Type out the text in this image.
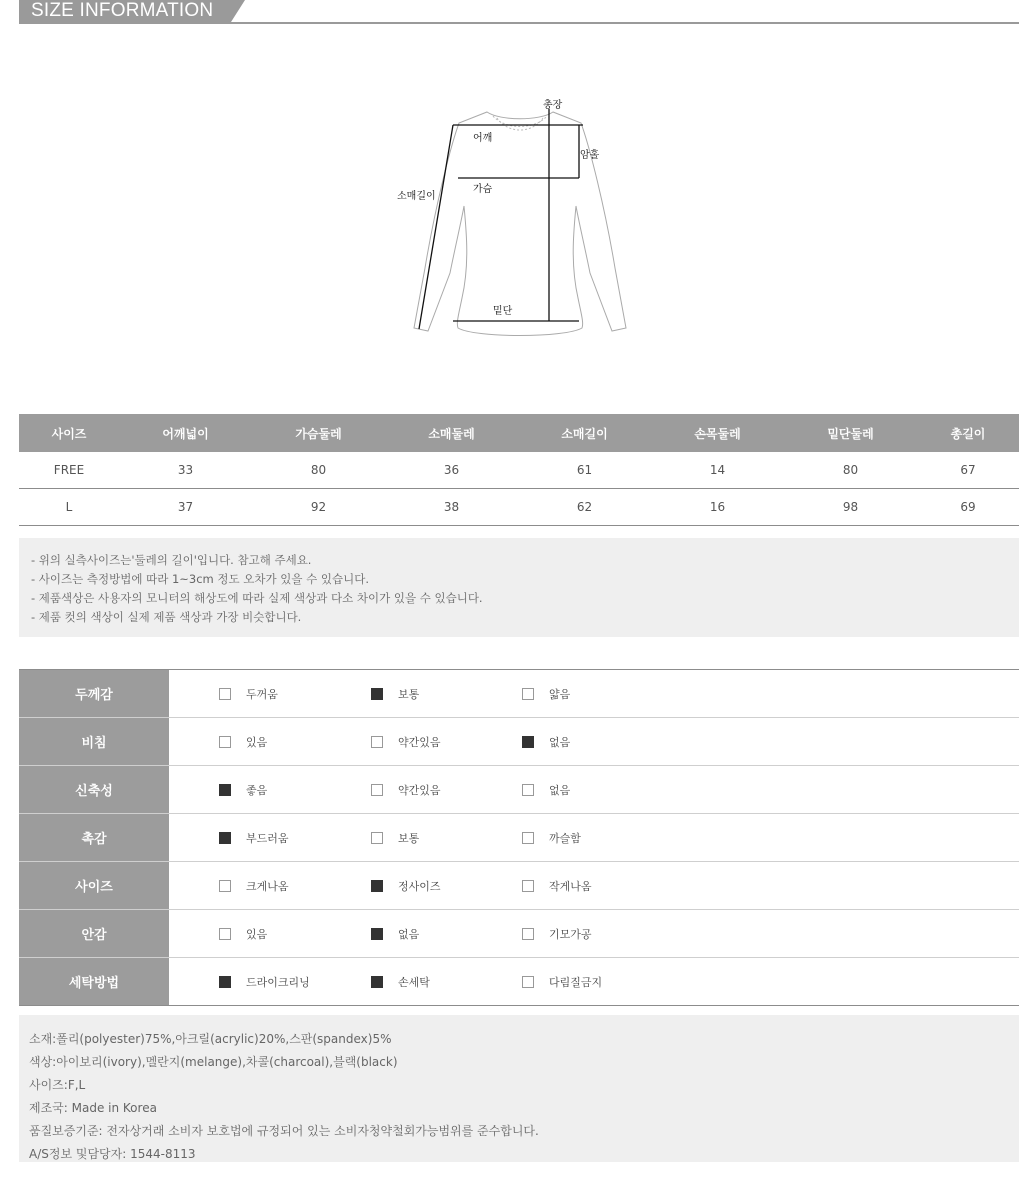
SIZE INFORMATION
총장
어깨
암홀
소매길이
가슴
밑단
사이즈	어깨넓이	가슴둘레	소매둘레	소매길이	손목둘레	밑단둘레	총길이
FREE	33	80	36	61	14	80	67
L	37	92	38	62	16	98	69
- 위의 실측사이즈는'둘레의 길이'입니다. 참고해 주세요.
- 사이즈는 측정방법에 따라 1~3cm 정도 오차가 있을 수 있습니다.
- 제품색상은 사용자의 모니터의 해상도에 따라 실제 색상과 다소 차이가 있을 수 있습니다.
- 제품 컷의 색상이 실제 제품 색상과 가장 비슷합니다.
두께감	두꺼움	보통	얇음
비침	있음	약간있음	없음
신축성	좋음	약간있음	없음
촉감	부드러움	보통	까슬함
사이즈	크게나옴	정사이즈	작게나옴
안감	있음	없음	기모가공
세탁방법	드라이크리닝	손세탁	다림질금지
소재:폴리(polyester)75%,아크릴(acrylic)20%,스판(spandex)5%
색상:아이보리(ivory),멜란지(melange),차콜(charcoal),블랙(black)
사이즈:F,L
제조국: Made in Korea
품질보증기준: 전자상거래 소비자 보호법에 규정되어 있는 소비자청약철회가능범위를 준수합니다.
A/S정보 및담당자: 1544-8113
